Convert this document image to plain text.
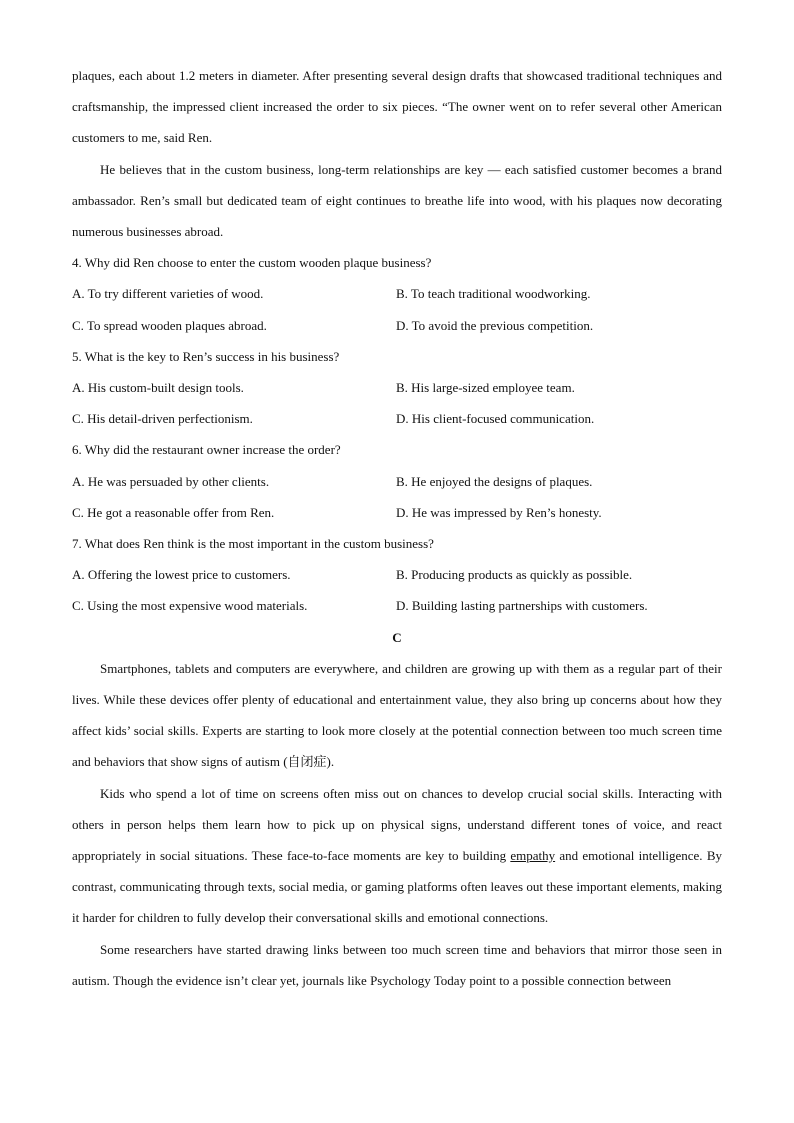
plaques, each about 1.2 meters in diameter. After presenting several design drafts that showcased traditional techniques and craftsmanship, the impressed client increased the order to six pieces. “The owner went on to refer several other American customers to me, said Ren.

He believes that in the custom business, long-term relationships are key — each satisfied customer becomes a brand ambassador. Ren’s small but dedicated team of eight continues to breathe life into wood, with his plaques now decorating numerous businesses abroad.

4. Why did Ren choose to enter the custom wooden plaque business?
A. To try different varieties of wood.	B. To teach traditional woodworking.
C. To spread wooden plaques abroad.	D. To avoid the previous competition.
5. What is the key to Ren’s success in his business?
A. His custom-built design tools.	B. His large-sized employee team.
C. His detail-driven perfectionism.	D. His client-focused communication.
6. Why did the restaurant owner increase the order?
A. He was persuaded by other clients.	B. He enjoyed the designs of plaques.
C. He got a reasonable offer from Ren.	D. He was impressed by Ren’s honesty.
7. What does Ren think is the most important in the custom business?
A. Offering the lowest price to customers.	B. Producing products as quickly as possible.
C. Using the most expensive wood materials.	D. Building lasting partnerships with customers.
C

Smartphones, tablets and computers are everywhere, and children are growing up with them as a regular part of their lives. While these devices offer plenty of educational and entertainment value, they also bring up concerns about how they affect kids’ social skills. Experts are starting to look more closely at the potential connection between too much screen time and behaviors that show signs of autism (自闭症).

Kids who spend a lot of time on screens often miss out on chances to develop crucial social skills. Interacting with others in person helps them learn how to pick up on physical signs, understand different tones of voice, and react appropriately in social situations. These face-to-face moments are key to building empathy and emotional intelligence. By contrast, communicating through texts, social media, or gaming platforms often leaves out these important elements, making it harder for children to fully develop their conversational skills and emotional connections.

Some researchers have started drawing links between too much screen time and behaviors that mirror those seen in autism. Though the evidence isn’t clear yet, journals like Psychology Today point to a possible connection between
